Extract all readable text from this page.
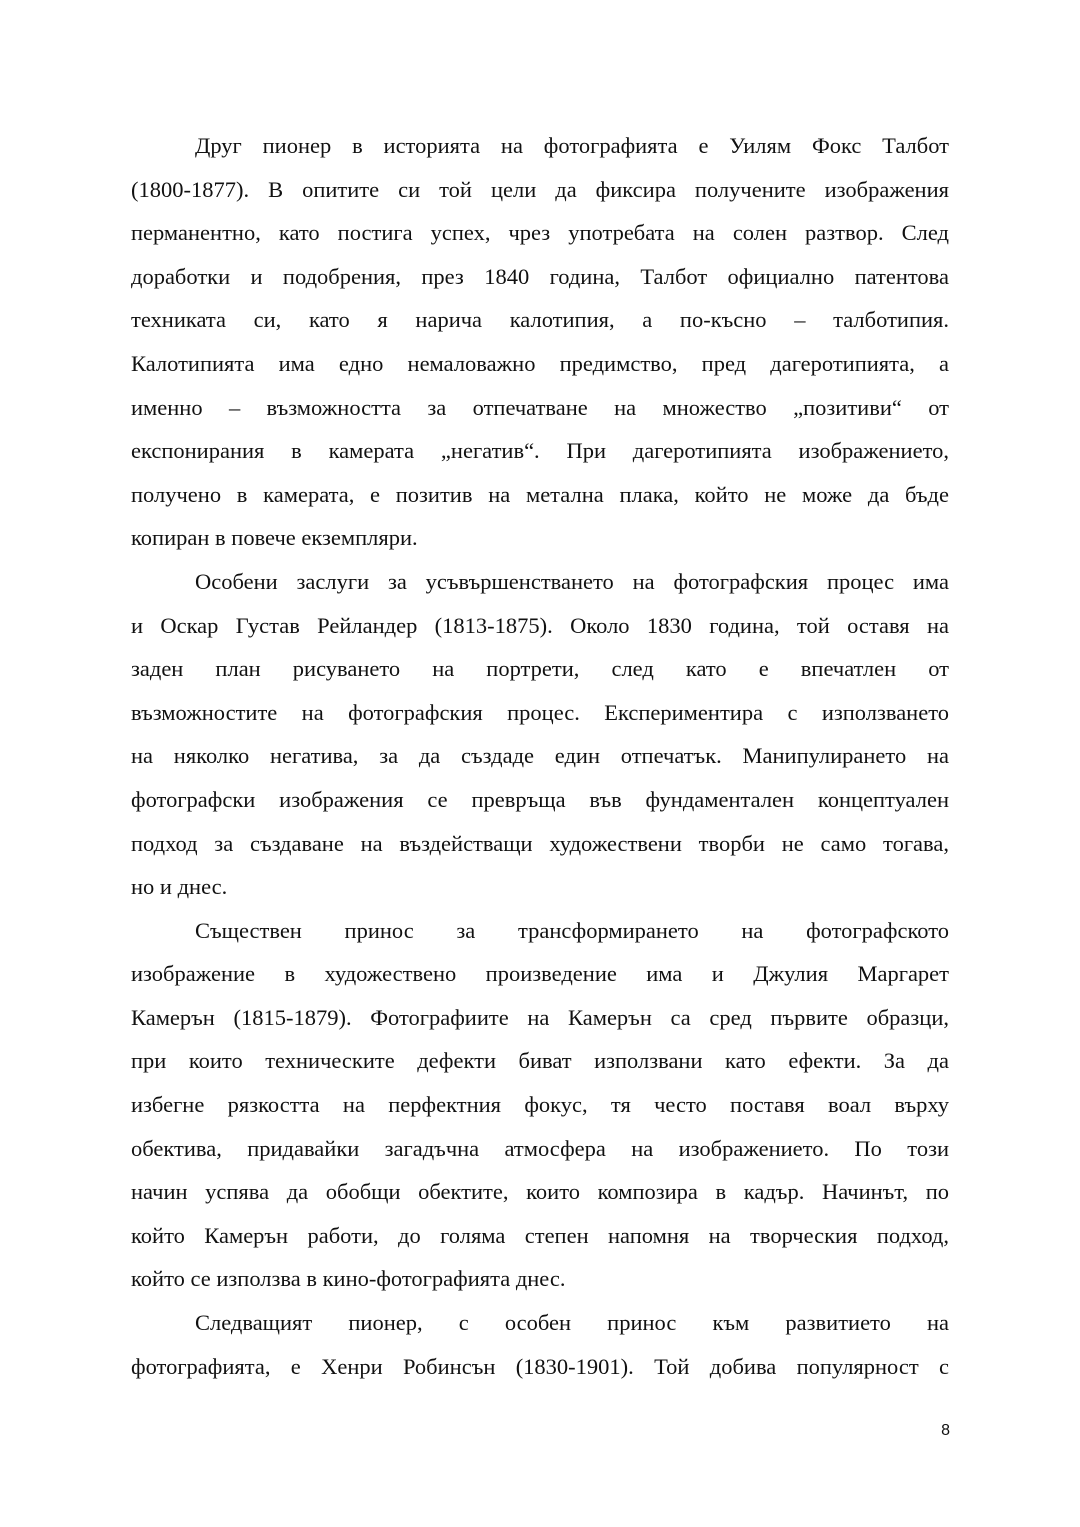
Друг пионер в историята на фотографията е Уилям Фокс Талбот
(1800-1877). В опитите си той цели да фиксира получените изображения
перманентно, като постига успех, чрез употребата на солен разтвор. След
доработки и подобрения, през 1840 година, Талбот официално патентова
техниката си, като я нарича калотипия, а по-късно – талботипия.
Калотипията има едно немаловажно предимство, пред дагеротипията, а
именно – възможността за отпечатване на множество „позитиви“ от
експонирания в камерата „негатив“. При дагеротипията изображението,
получено в камерата, е позитив на метална плака, който не може да бъде
копиран в повече екземпляри.
Особени заслуги за усъвършенстването на фотографския процес има
и Оскар Густав Рейландер (1813-1875). Около 1830 година, той оставя на
заден план рисуването на портрети, след като е впечатлен от
възможностите на фотографския процес. Експериментира с използването
на няколко негатива, за да създаде един отпечатък. Манипулирането на
фотографски изображения се превръща във фундаментален концептуален
подход за създаване на въздействащи художествени творби не само тогава,
но и днес.
Съществен принос за трансформирането на фотографското
изображение в художествено произведение има и Джулия Маргарет
Камерън (1815-1879). Фотографиите на Камерън са сред първите образци,
при които техническите дефекти биват използвани като ефекти. За да
избегне рязкостта на перфектния фокус, тя често поставя воал върху
обектива, придавайки загадъчна атмосфера на изображението. По този
начин успява да обобщи обектите, които композира в кадър. Начинът, по
който Камерън работи, до голяма степен напомня на творческия подход,
който се използва в кино-фотографията днес.
Следващият пионер, с особен принос към развитието на
фотографията, е Хенри Робинсън (1830-1901). Той добива популярност с
8
